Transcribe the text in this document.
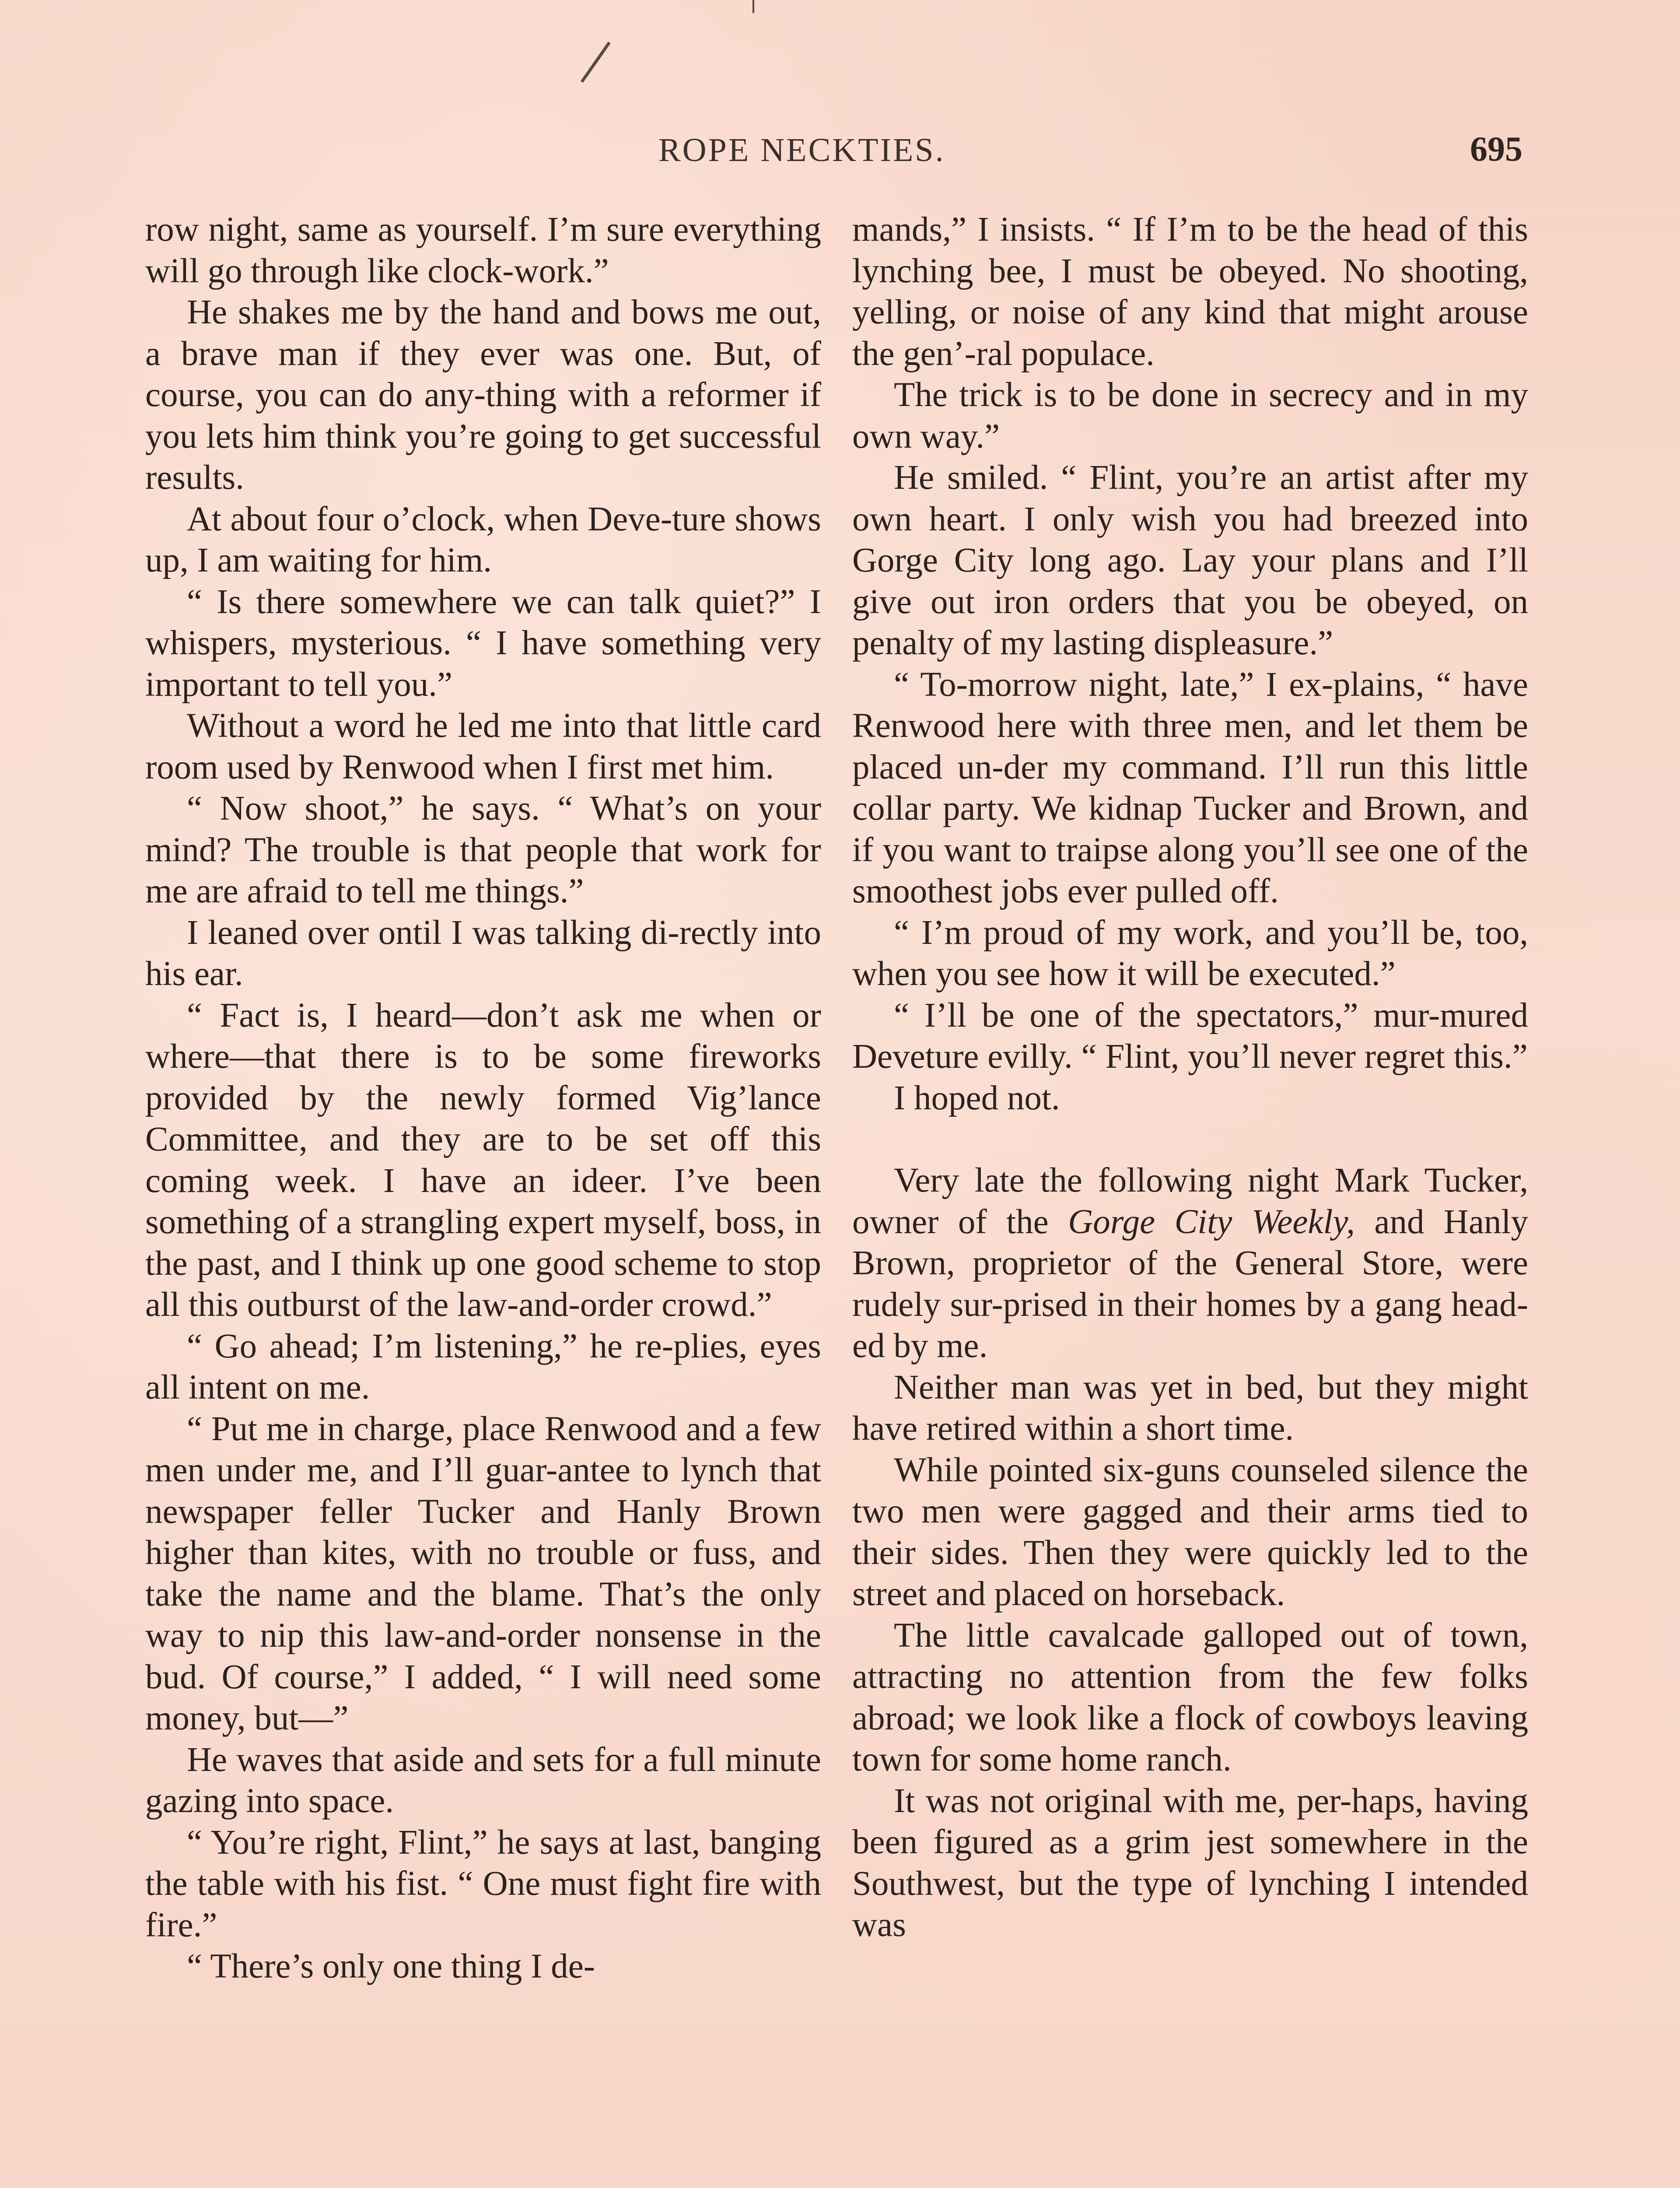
ROPE NECKTIES.	695

row night, same as yourself. I’m sure everything will go through like clock-work.”

He shakes me by the hand and bows me out, a brave man if they ever was one. But, of course, you can do any-thing with a reformer if you lets him think you’re going to get successful results.

At about four o’clock, when Deve-ture shows up, I am waiting for him.

“ Is there somewhere we can talk quiet?” I whispers, mysterious. “ I have something very important to tell you.”

Without a word he led me into that little card room used by Renwood when I first met him.

“ Now shoot,” he says. “ What’s on your mind? The trouble is that people that work for me are afraid to tell me things.”

I leaned over ontil I was talking di-rectly into his ear.

“ Fact is, I heard—don’t ask me when or where—that there is to be some fireworks provided by the newly formed Vig’lance Committee, and they are to be set off this coming week. I have an ideer. I’ve been something of a strangling expert myself, boss, in the past, and I think up one good scheme to stop all this outburst of the law-and-order crowd.”

“ Go ahead; I’m listening,” he re-plies, eyes all intent on me.

“ Put me in charge, place Renwood and a few men under me, and I’ll guar-antee to lynch that newspaper feller Tucker and Hanly Brown higher than kites, with no trouble or fuss, and take the name and the blame. That’s the only way to nip this law-and-order nonsense in the bud. Of course,” I added, “ I will need some money, but—”

He waves that aside and sets for a full minute gazing into space.

“ You’re right, Flint,” he says at last, banging the table with his fist. “ One must fight fire with fire.”

“ There’s only one thing I de-

mands,” I insists. “ If I’m to be the head of this lynching bee, I must be obeyed. No shooting, yelling, or noise of any kind that might arouse the gen’-ral populace.

The trick is to be done in secrecy and in my own way.”

He smiled. “ Flint, you’re an artist after my own heart. I only wish you had breezed into Gorge City long ago. Lay your plans and I’ll give out iron orders that you be obeyed, on penalty of my lasting displeasure.”

“ To-morrow night, late,” I ex-plains, “ have Renwood here with three men, and let them be placed un-der my command. I’ll run this little collar party. We kidnap Tucker and Brown, and if you want to traipse along you’ll see one of the smoothest jobs ever pulled off.

“ I’m proud of my work, and you’ll be, too, when you see how it will be executed.”

“ I’ll be one of the spectators,” mur-mured Deveture evilly. “ Flint, you’ll never regret this.”

I hoped not.

Very late the following night Mark Tucker, owner of the Gorge City Weekly, and Hanly Brown, proprietor of the General Store, were rudely sur-prised in their homes by a gang head-ed by me.

Neither man was yet in bed, but they might have retired within a short time.

While pointed six-guns counseled silence the two men were gagged and their arms tied to their sides. Then they were quickly led to the street and placed on horseback.

The little cavalcade galloped out of town, attracting no attention from the few folks abroad; we look like a flock of cowboys leaving town for some home ranch.

It was not original with me, per-haps, having been figured as a grim jest somewhere in the Southwest, but the type of lynching I intended was
